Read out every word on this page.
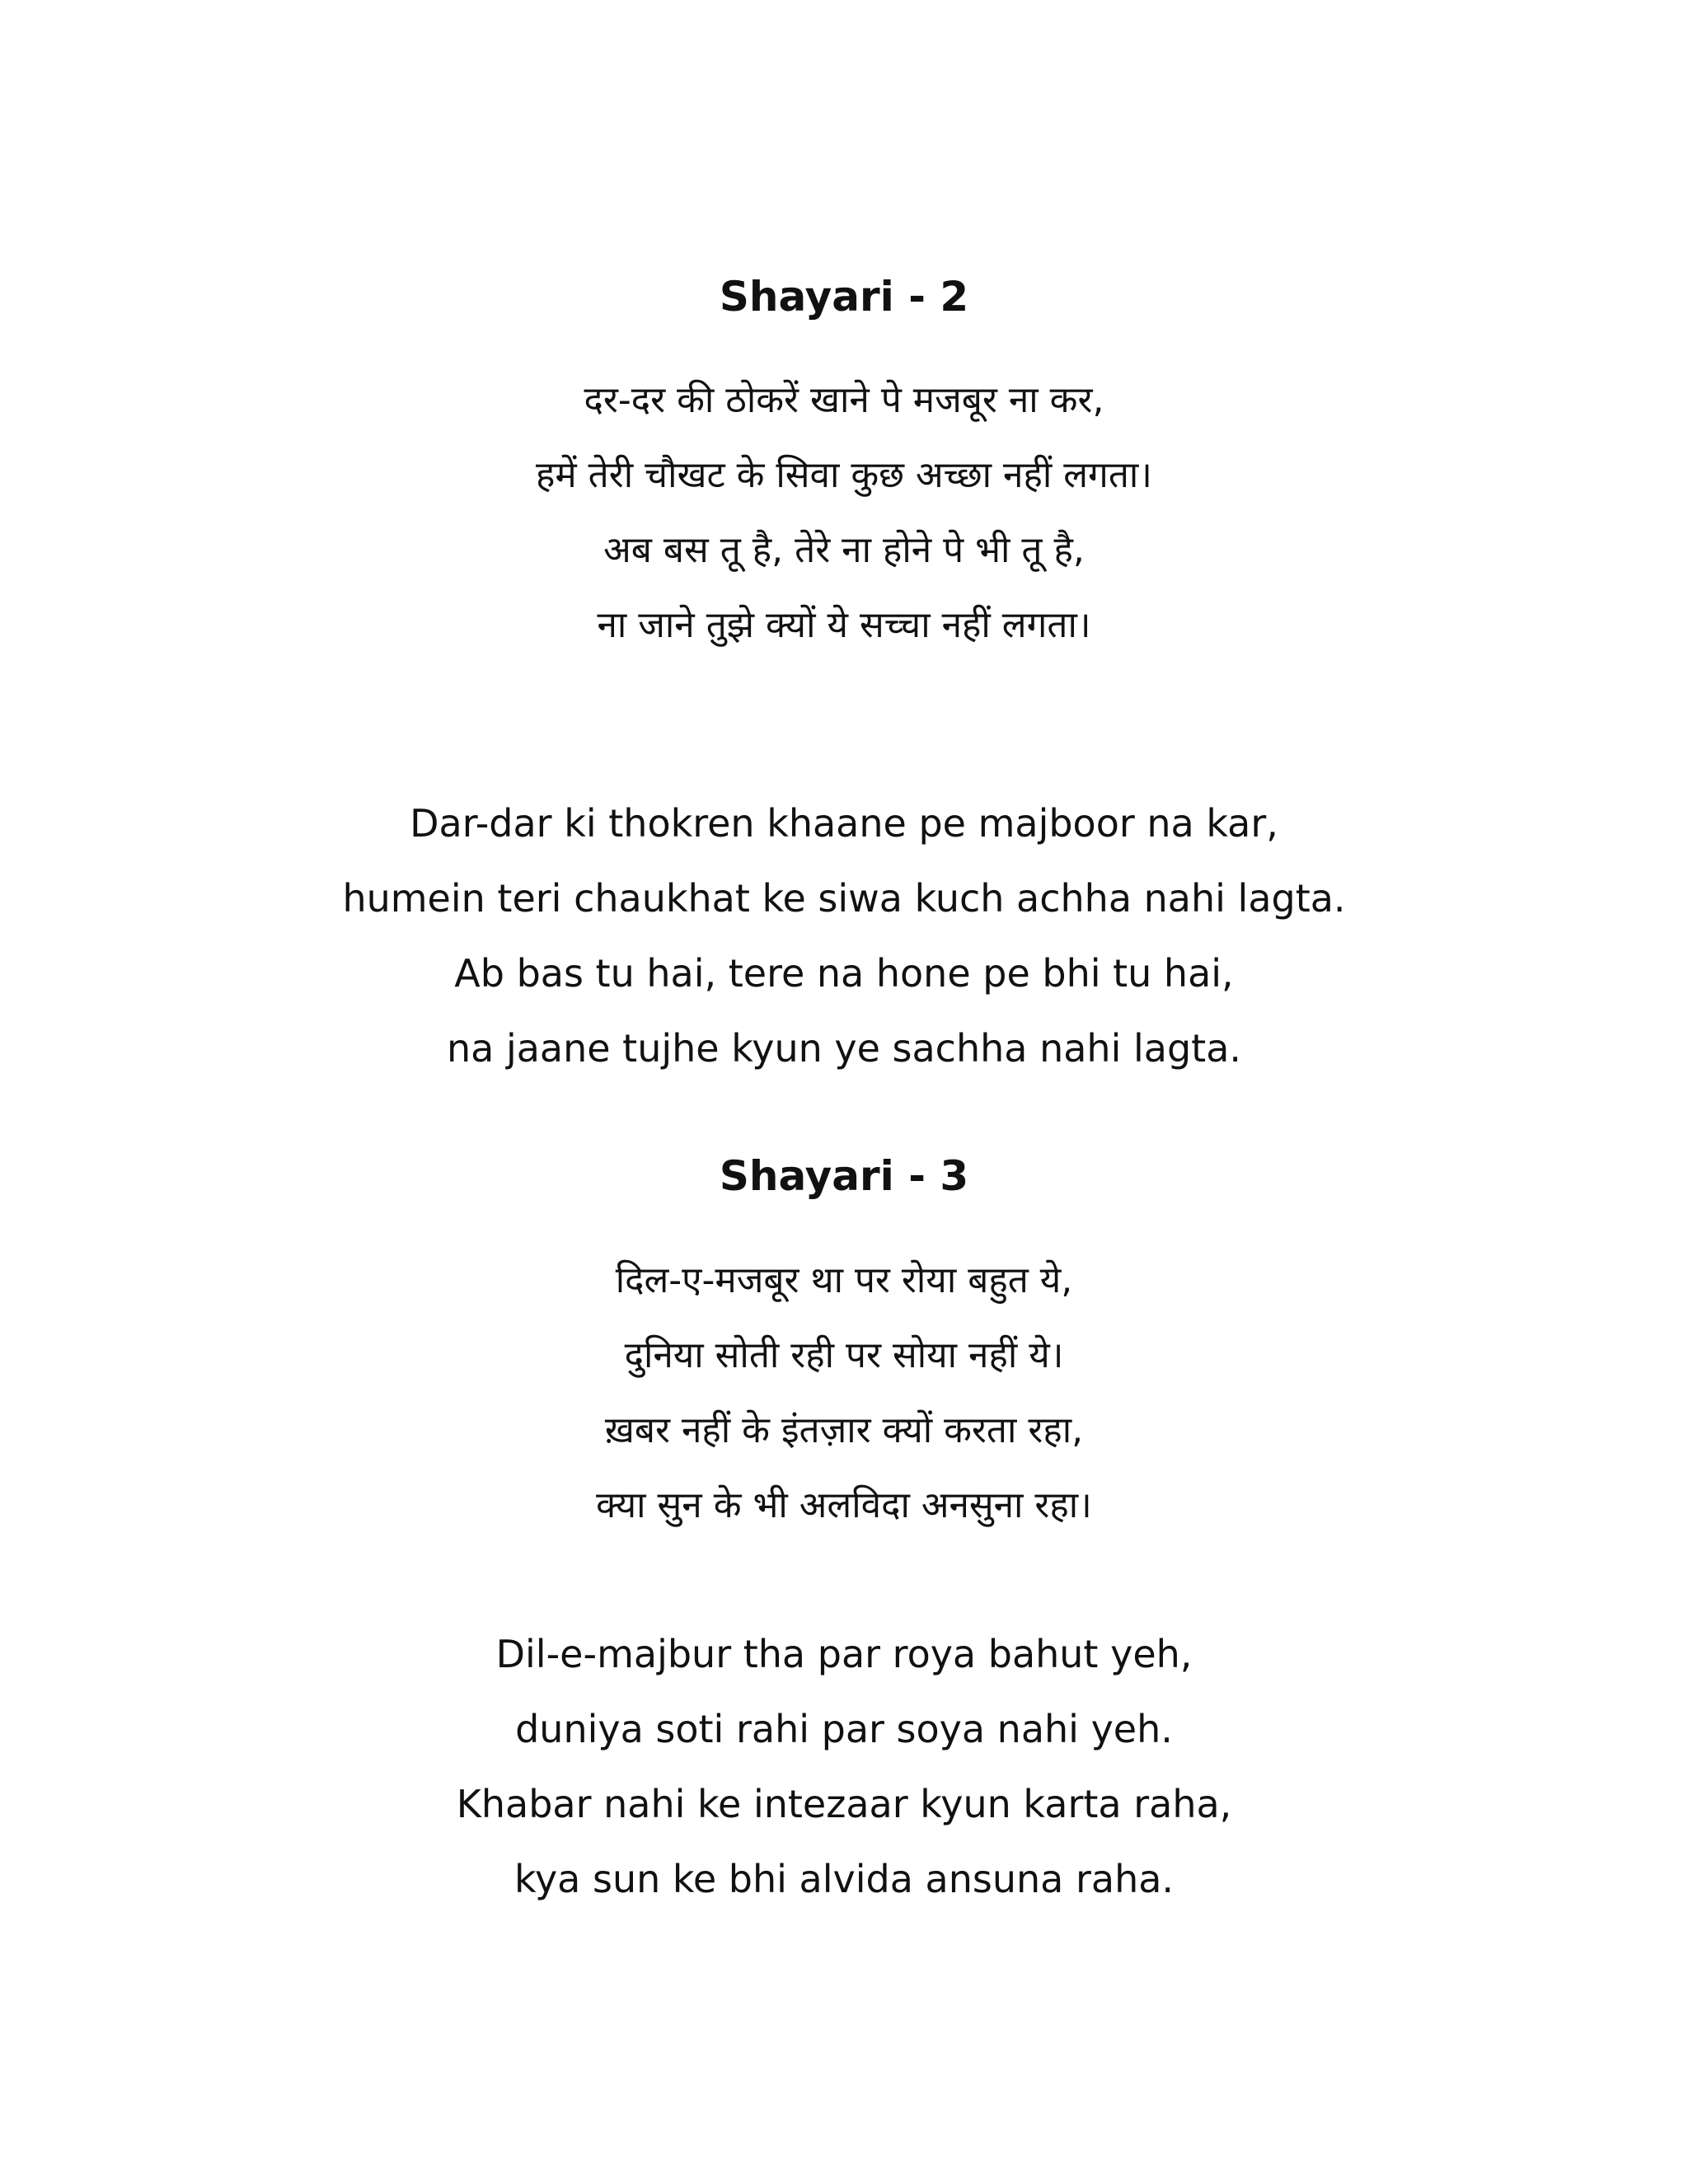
Shayari - 2
दर-दर की ठोकरें खाने पे मजबूर ना कर,
हमें तेरी चौखट के सिवा कुछ अच्छा नहीं लगता।
अब बस तू है, तेरे ना होने पे भी तू है,
ना जाने तुझे क्यों ये सच्चा नहीं लगता।
Dar-dar ki thokren khaane pe majboor na kar,
humein teri chaukhat ke siwa kuch achha nahi lagta.
Ab bas tu hai, tere na hone pe bhi tu hai,
na jaane tujhe kyun ye sachha nahi lagta.
Shayari - 3
दिल-ए-मजबूर था पर रोया बहुत ये,
दुनिया सोती रही पर सोया नहीं ये।
ख़बर नहीं के इंतज़ार क्यों करता रहा,
क्या सुन के भी अलविदा अनसुना रहा।
Dil-e-majbur tha par roya bahut yeh,
duniya soti rahi par soya nahi yeh.
Khabar nahi ke intezaar kyun karta raha,
kya sun ke bhi alvida ansuna raha.
